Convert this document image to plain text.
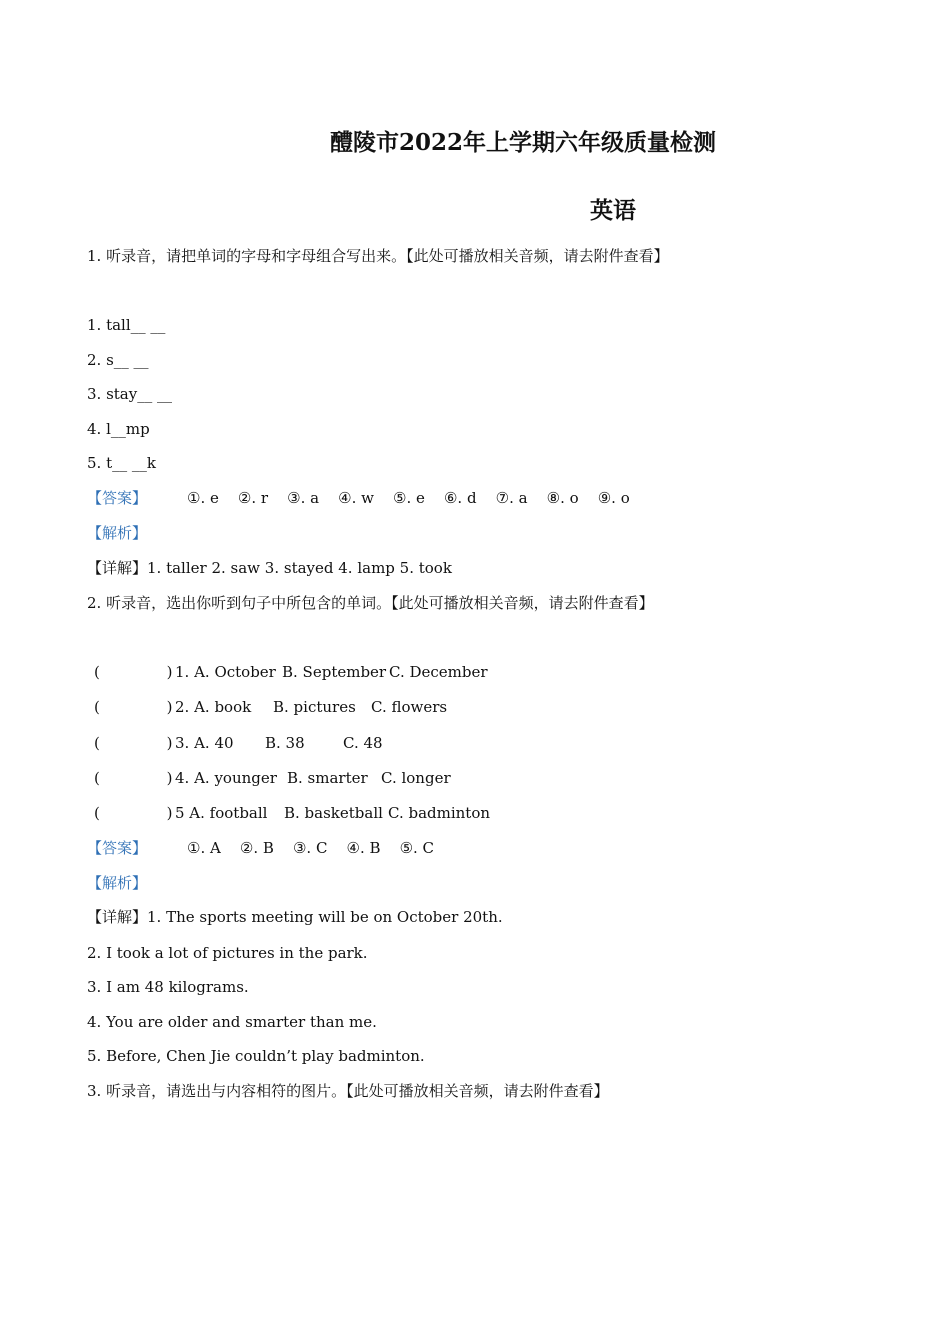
醴陵市2022年上学期六年级质量检测
英语
1. 听录音，请把单词的字母和字母组合写出来。【此处可播放相关音频，请去附件查看】
1. tall__ __
2. s__ __
3. stay__ __
4. l__mp
5. t__ __k
【答案】	①. e    ②. r    ③. a    ④. w    ⑤. e    ⑥. d    ⑦. a    ⑧. o    ⑨. o
【解析】
【详解】1. taller 2. saw 3. stayed 4. lamp 5. took
2. 听录音，选出你听到句子中所包含的单词。【此处可播放相关音频，请去附件查看】
(              ) 1. A. October B. September C. December
(              ) 2. A. book B. pictures C. flowers
(              ) 3. A. 40 B. 38	C. 48
(              ) 4. A. younger B. smarter C. longer
(              ) 5 A. football B. basketball C. badminton
【答案】	①. A    ②. B    ③. C    ④. B    ⑤. C
【解析】
【详解】1. The sports meeting will be on October 20th.
2. I took a lot of pictures in the park.
3. I am 48 kilograms.
4. You are older and smarter than me.
5. Before, Chen Jie couldn’t play badminton.
3. 听录音，请选出与内容相符的图片。【此处可播放相关音频，请去附件查看】
